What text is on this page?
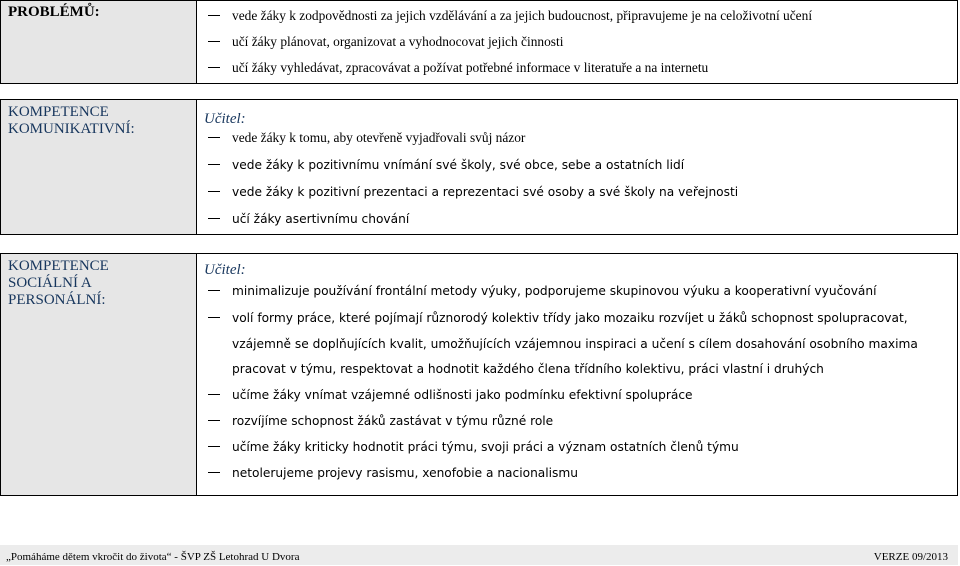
PROBLÉMŮ:	vede žáky k zodpovědnosti za jejich vzdělávání a za jejich budoucnost, připravujeme je na celoživotní učení
učí žáky plánovat, organizovat a vyhodnocovat jejich činnosti
učí žáky vyhledávat, zpracovávat a požívat potřebné informace v literatuře a na internetu
KOMPETENCE
KOMUNIKATIVNÍ:
Učitel:
vede žáky k tomu, aby otevřeně vyjadřovali svůj názor
vede žáky k pozitivnímu vnímání své školy, své obce, sebe a ostatních lidí
vede žáky k pozitivní prezentaci a reprezentaci své osoby a své školy na veřejnosti
učí žáky asertivnímu chování
KOMPETENCE
SOCIÁLNÍ A
PERSONÁLNÍ:
Učitel:
minimalizuje používání frontální metody výuky, podporujeme skupinovou výuku a kooperativní vyučování
volí formy práce, které pojímají různorodý kolektiv třídy jako mozaiku rozvíjet u žáků schopnost spolupracovat,
vzájemně se doplňujících kvalit, umožňujících vzájemnou inspiraci a učení s cílem dosahování osobního maxima
pracovat v týmu, respektovat a hodnotit každého člena třídního kolektivu, práci vlastní i druhých
učíme žáky vnímat vzájemné odlišnosti jako podmínku efektivní spolupráce
rozvíjíme schopnost žáků zastávat v týmu různé role
učíme žáky kriticky hodnotit práci týmu, svoji práci a význam ostatních členů týmu
netolerujeme projevy rasismu, xenofobie a nacionalismu
„Pomáháme dětem vkročit do života“ - ŠVP ZŠ Letohrad U Dvora	VERZE 09/2013
